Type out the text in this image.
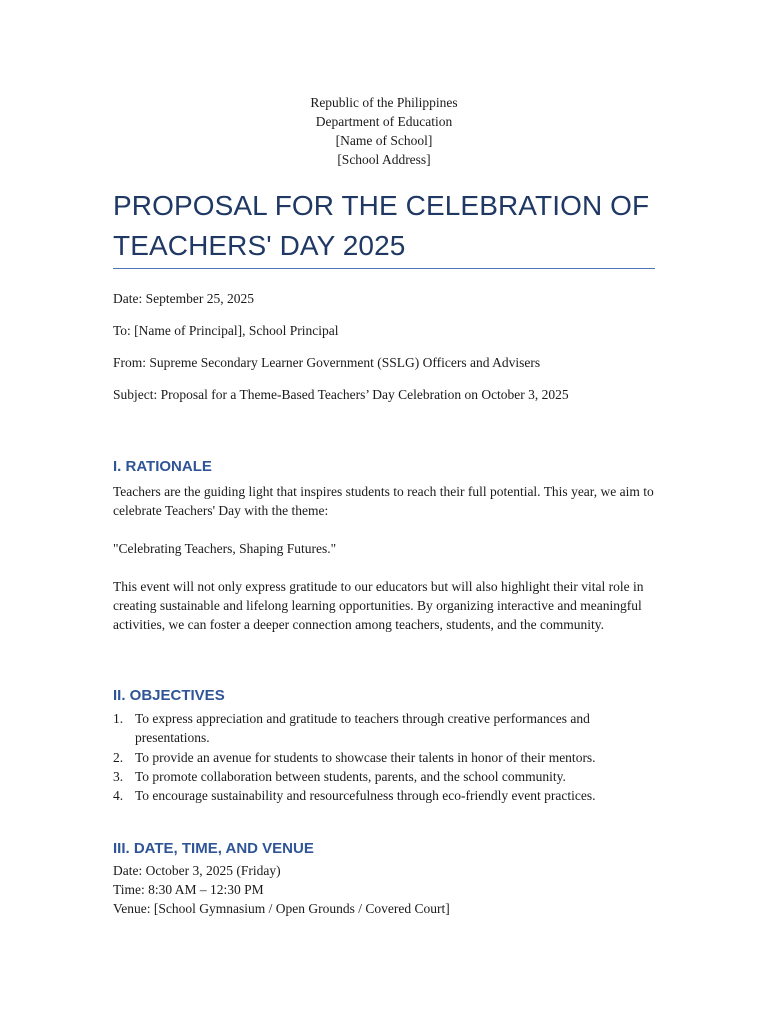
Republic of the Philippines
Department of Education
[Name of School]
[School Address]
PROPOSAL FOR THE CELEBRATION OF TEACHERS' DAY 2025

Date: September 25, 2025

To: [Name of Principal], School Principal

From: Supreme Secondary Learner Government (SSLG) Officers and Advisers

Subject: Proposal for a Theme-Based Teachers’ Day Celebration on October 3, 2025

I. RATIONALE

Teachers are the guiding light that inspires students to reach their full potential. This year, we aim to celebrate Teachers' Day with the theme:

"Celebrating Teachers, Shaping Futures."

This event will not only express gratitude to our educators but will also highlight their vital role in creating sustainable and lifelong learning opportunities. By organizing interactive and meaningful activities, we can foster a deeper connection among teachers, students, and the community.

II. OBJECTIVES
1. To express appreciation and gratitude to teachers through creative performances and presentations.
2. To provide an avenue for students to showcase their talents in honor of their mentors.
3. To promote collaboration between students, parents, and the school community.
4. To encourage sustainability and resourcefulness through eco-friendly event practices.
III. DATE, TIME, AND VENUE
Date: October 3, 2025 (Friday)
Time: 8:30 AM – 12:30 PM
Venue: [School Gymnasium / Open Grounds / Covered Court]
